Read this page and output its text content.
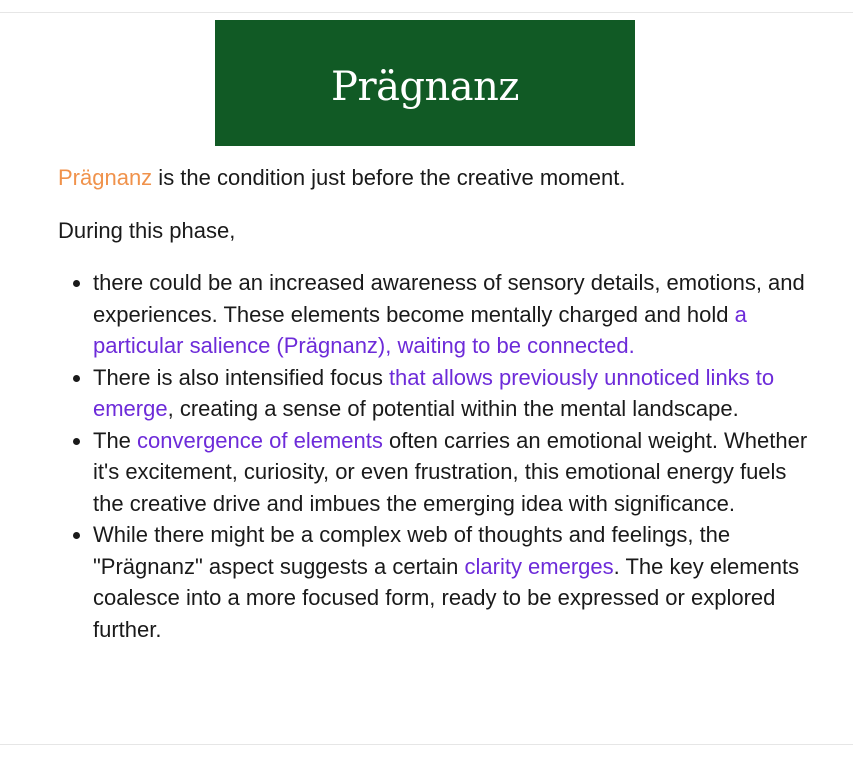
Prägnanz

Prägnanz is the condition just before the creative moment.

During this phase,

• there could be an increased awareness of sensory details, emotions, and experiences. These elements become mentally charged and hold a particular salience (Prägnanz), waiting to be connected.
• There is also intensified focus that allows previously unnoticed links to emerge, creating a sense of potential within the mental landscape.
• The convergence of elements often carries an emotional weight. Whether it's excitement, curiosity, or even frustration, this emotional energy fuels the creative drive and imbues the emerging idea with significance.
• While there might be a complex web of thoughts and feelings, the "Prägnanz" aspect suggests a certain clarity emerges. The key elements coalesce into a more focused form, ready to be expressed or explored further.
